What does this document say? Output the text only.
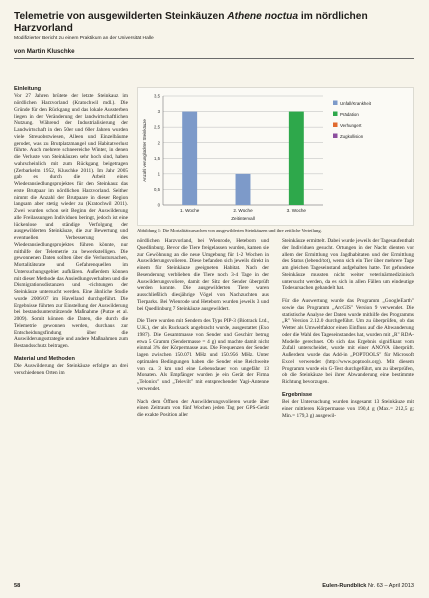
Telemetrie von ausgewilderten Steinkäuzen Athene noctua im nördlichen Harzvorland
Modifizierter Bericht zu einem Praktikum an der Universität Halle
von Martin Kluschke

Einleitung

Vor 27 Jahren brütete der letzte Steinkauz im nördlichen Harzvorland (Kratochwil mdl.). Die Gründe für den Rückgang und das lokale Aussterben liegen in der Veränderung der landwirtschaftlichen Nutzung. Während der Industrialisierung der Landwirtschaft in den 50er und 60er Jahren wurden viele Streuobstwiesen, Alleen und Einzelbäume gerodet, was zu Brutplatzmangel und Habitatverlust führte. Auch mehrere schneereiche Winter, in denen die Verluste von Steinkäuzen sehr hoch sind, haben wahrscheinlich mit zum Rückgang beigetragen (Zerbarkelm 1952, Kluschke 2011). Im Jahr 2005 gab es durch die Arbeit eines Wiederansiedlungsprojektes für den Steinkauz das erste Brutpaar im nördlichen Harzvorland. Seither nimmt die Anzahl der Brutpaare in dieser Region langsam aber stetig wieder zu (Kratochwil 2011). Zwei wurden schon seit Beginn der Auswilderung alle Freilassungen Individuen beringt, jedoch ist eine lückenlose und ständige Verfolgung der ausgewilderten Steinkäuze, die zur Bewertung und eventuellen Verbesserung des Wiederansiedlungsprojektes führen könnte, nur mithilfe der Telemetrie zu bewerkstelligen. Die gewonnenen Daten sollten über die Verlustursachen, Mortalitätsrate und Gefahrenquellen im Untersuchungsgebiet aufklären. Außerdem können mit dieser Methode das Ansiedlungsverhalten und die Dismigrationsdistanzen und -richtungen der Steinkäuze untersucht werden. Eine ähnliche Studie wurde 2006/07 im Havelland durchgeführt. Die Ergebnisse führten zur Einstellung der Auswilderung bei bestandsunterstützende Maßnahme (Putze et al. 2009). Somit können die Daten, die durch die Telemetrie gewonnen werden, durchaus zur Entscheidungsfindung über die Auswilderungsstrategie und andere Maßnahmen zum Bestandsschutz beitragen.

Material und Methoden

Die Auswilderung der Steinkäuze erfolgte an drei verschiedenen Orten im

0
0,5
1
1,5
2
2,5
3
3,5
1. Woche	2. Woche	3. Woche
Zeitintervall
Anzahl verunglückter Steinkäuze
Unfall/Krankheit
Prädation
Verhungert
Zugkollision
Abbildung 1: Die Mortalitätsursachen von ausgewilderten Steinkäuzen und ihre zeitliche Verteilung.

nördlichen Harzvorland, bei Wienrode, Heteborn und Quedlinburg. Bevor die Tiere freigelassen wurden, kamen sie zur Gewöhnung an die neue Umgebung für 1-2 Wochen in Auswilderungsvolieren. Diese befanden sich jeweils direkt in einem für Steinkäuze geeigneten Habitat. Nach der Besenderung verblieben die Tiere noch 3-4 Tage in der Auswilderungsvoliere, damit der Sitz der Sender überprüft werden konnte. Die ausgewilderten Tiere waren ausschließlich diesjährige Vögel von Nachzuchten aus Tierparks. Bei Wienrode und Heteborn wurden jeweils 3 und bei Quedlinburg 7 Steinkäuze ausgewildert.

Die Tiere wurden mit Sendern des Typs PIP-3 (Biotrack Ltd., U.K.), der als Rucksack angebracht wurde, ausgestattet (Exo 1987). Die Gesamtmasse von Sender und Geschirr betrug etwa 5 Gramm (Sendermasse = 4 g) und machte damit nicht einmal 3% der Körpermasse aus. Die Frequenzen der Sender lagen zwischen 150.071 MHz und 150.956 MHz. Unter optimalen Bedingungen haben die Sender eine Reichweite von ca. 3 km und eine Lebensdauer von ungefähr 13 Monaten. Als Empfänger wurden je ein Gerät der Firma „Telonics" und „Televilt" mit entsprechender Yagi-Antenne verwendet.

Nach dem Öffnen der Auswilderungsvolieren wurde über einen Zeitraum von fünf Wochen jeden Tag per GPS-Gerät die exakte Position aller

Steinkäuze ermittelt. Dabei wurde jeweils der Tagesaufenthalt der Individuen gesucht. Ortungen in der Nacht dienten vor allem der Ermittlung von Jagdhabitaten und der Ermittlung des Status (lebend/tot), wenn sich ein Tier über mehrere Tage am gleichen Tageseinstand aufgehalten hatte. Tot gefundene Steinkäuze mussten nicht weiter veterinärmedizinisch untersucht werden, da es sich in allen Fällen um eindeutige Todesursachen gehandelt hat.

Für die Auswertung wurde das Programm „GoogleEarth" sowie das Programm „ArcGIS" Version 9 verwendet. Die statistische Analyse der Daten wurde mithilfe des Programms „R" Version 2.12.0 durchgeführt. Um zu überprüfen, ob das Wetter als Umweltfaktor einen Einfluss auf die Abwanderung oder die Wahl des Tageseinstandes hat, wurden mit „R" RDA-Modelle gerechnet. Ob sich das Ergebnis signifikant vom Zufall unterscheidet, wurde mit einer ANOVA überprüft. Außerdem wurde das Add-in „POPTOOLS" für Microsoft Excel verwendet (http://www.poptools.org). Mit diesem Programm wurde ein G-Test durchgeführt, um zu überprüfen, ob die Steinkäuze bei ihrer Abwanderung eine bestimmte Richtung bevorzugen.

Ergebnisse

Bei der Untersuchung wurden insgesamt 13 Steinkäuze mit einer mittleren Körpermasse von 190,4 g (Max.= 212,5 g; Min.= 179,3 g) ausgewil-

58	Eulen-Rundblick Nr. 63 – April 2013
